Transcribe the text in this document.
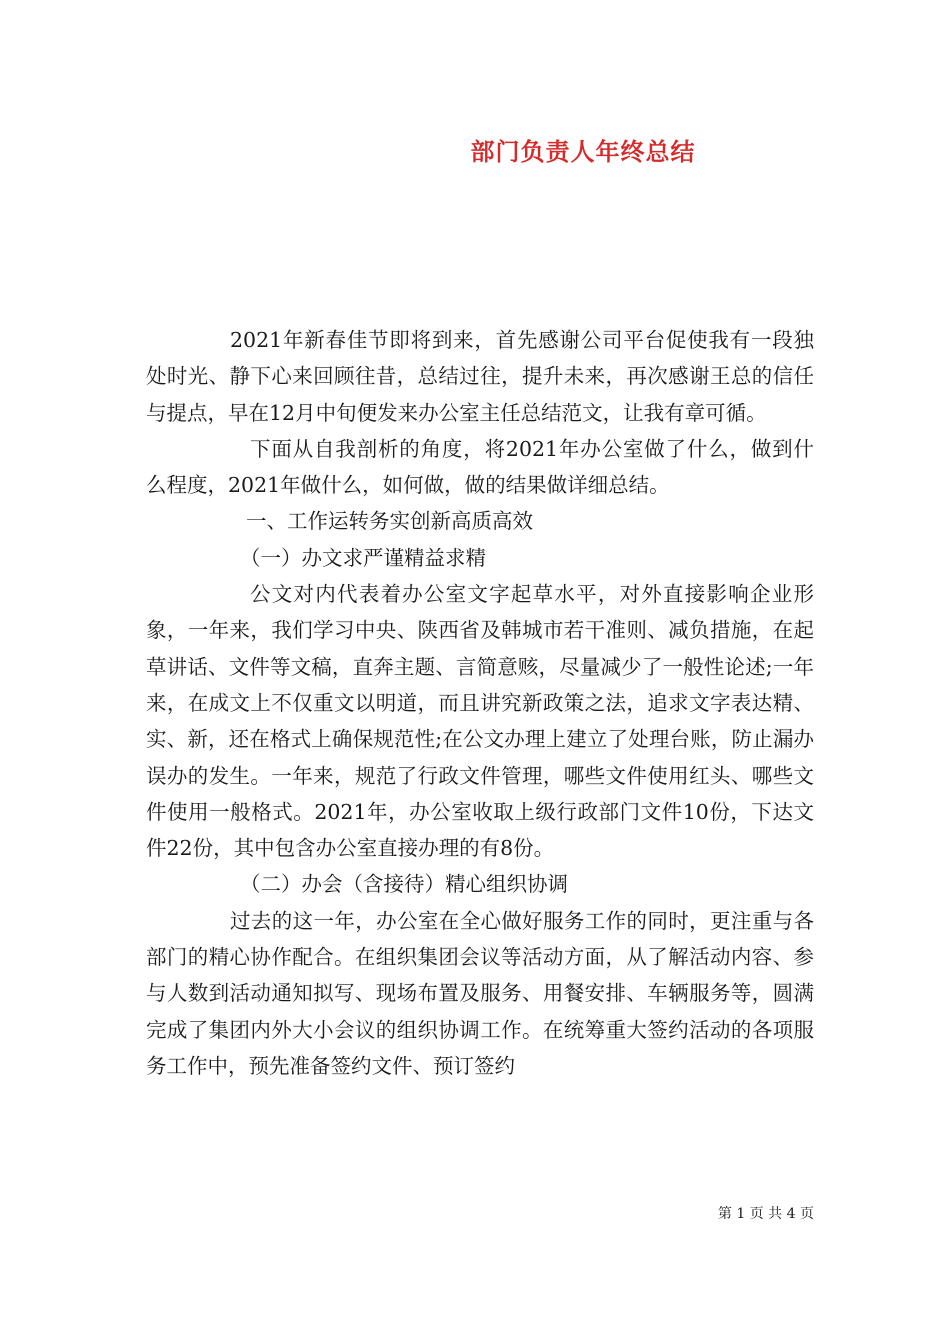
部门负责人年终总结

2021年新春佳节即将到来，首先感谢公司平台促使我有一段独处时光、静下心来回顾往昔，总结过往，提升未来，再次感谢王总的信任与提点，早在12月中旬便发来办公室主任总结范文，让我有章可循。

下面从自我剖析的角度，将2021年办公室做了什么，做到什么程度，2021年做什么，如何做，做的结果做详细总结。

一、工作运转务实创新高质高效

（一）办文求严谨精益求精

公文对内代表着办公室文字起草水平，对外直接影响企业形象，一年来，我们学习中央、陕西省及韩城市若干准则、减负措施，在起草讲话、文件等文稿，直奔主题、言简意赅，尽量减少了一般性论述;一年来，在成文上不仅重文以明道，而且讲究新政策之法，追求文字表达精、实、新，还在格式上确保规范性;在公文办理上建立了处理台账，防止漏办误办的发生。一年来，规范了行政文件管理，哪些文件使用红头、哪些文件使用一般格式。2021年，办公室收取上级行政部门文件10份，下达文件22份，其中包含办公室直接办理的有8份。

（二）办会（含接待）精心组织协调

过去的这一年，办公室在全心做好服务工作的同时，更注重与各部门的精心协作配合。在组织集团会议等活动方面，从了解活动内容、参与人数到活动通知拟写、现场布置及服务、用餐安排、车辆服务等，圆满完成了集团内外大小会议的组织协调工作。在统筹重大签约活动的各项服务工作中，预先准备签约文件、预订签约

第 1 页 共 4 页
